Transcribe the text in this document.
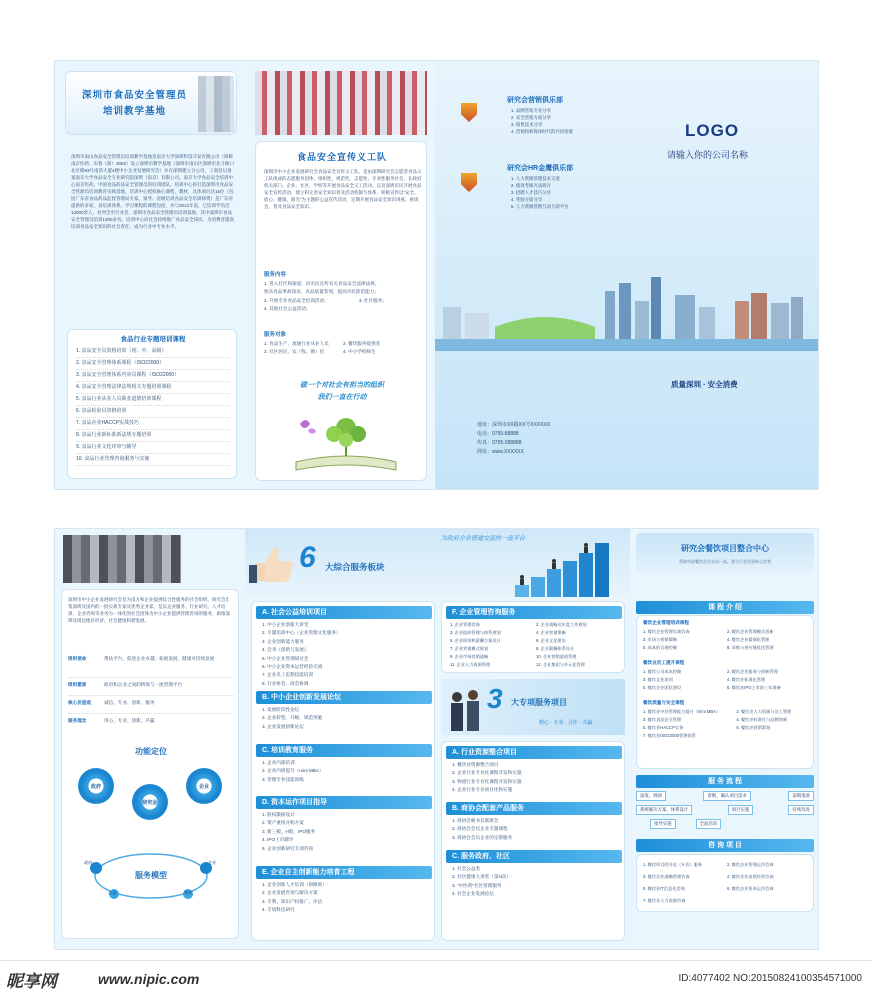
深圳市食品安全管理员
培训教学基地
深圳市南山食品安全管理员培训教学基地是南京大学深圳科技开发有限公司（简称南京医药：布鲁（简）3002）设立深圳市教学基地（深圳市南山区深圳市北斗路口北区路83号南湾大厦4楼中小企业发展研究会）并在深圳建立分公司，工商登记备案南京大学食品安全专业研究院深圳（南京）有限公司。南京大学食品安全培训中心南京医药。中国食品药品安全管理员的培训团队，培训中心将打造深圳市食品安全管理员培训教育实践基地。培训中心授权核心课程，教材，具体项目达16位（包括广东省食品药品监督管理局专家、领导、省级培训食品安全培训师资）是广东省提供的多家，省培训体系。学习课程的课程包括，并与2012年前，已培训学员近12000余人，名列全市行业首，深圳市食品安全管理员培训基地。其中深圳市食品安全管理员培训1300多名。培训中心向社会持续推广食品安全知识。为消费者提高培训食品安全知识的社会责任，成为行业中专业水平。
食品行业专题培训课程
1. 食品安全员资格培训（初、中、高级）
2. 食品安全管理体系课程（ISO22000）
3. 食品安全管理体系内审员课程（ISO22000）
4. 食品安全管理法律法规相关专题培训课程
5. 食品行业从业人员职业道德培训课程
6. 食品检验员资格培训
7. 食品企业HACCP实战技巧
8. 食品行业新标准新法规专题培训
9. 食品行业文化评审与辅导
10. 食品行业管理咨询服务与实施
食品安全宣传义工队
深圳市中小企业发展研究会食品安全宣传义工队，是由深圳研究会志愿者食品义工队组成的志愿服务团体，组织性、规范性、志愿性、专业性服务社会，在政府机关部门、企业、社区、学校等开展食品安全义工活动。以及深圳市民开展食品安全宣传活动，建立和完善安全知识普及活动机制与体系，积极宣传以“安全、放心、健康、阳光”为主题的公益宣传活动，定期开展食品安全知识讲座、座谈会，普及食品安全知识。
服务内容
1. 进入社区和街道，向市民宣传有关食品安全法律法规。
快乐食品事故知识、食品质量鉴别，提高市民防范能力；
2. 开展专业食品安全培训活动；	3. 社区服务；
4. 其他社会公益活动；
服务对象
1. 食品生产、流通行业从业人员	2. 餐饮服务提供者
3. 社区居民、农（牧、渔）民	4. 中小学校师生
做一个对社会有担当的组织
我们一直在行动
研究会营销俱乐部
1. 品牌营销专业分享
2. 安全营销方面分享
3. 销售技术分享
4. 营销和新媒体时代的共同客群
研究会HR金鹰俱乐部
1. 人力资源管理技术交流
2. 绩效考核方法研讨
3. 招聘人才技巧分享
4. 奖励方面分享
5. 人力资源管理互动互助平台
LOGO
请输入你的公司名称
质量深圳 · 安全消费
地址：深圳市XX路XX号XXXXXX
电话：0755-88888
传真：0755-288888
网址：www.XXXXXX
深圳市中小企业发展研究会是为南方和企业提供综合性服务的社会组织，研究会汇集深圳及国内的一批实战专家及优秀企业家，是以企业服务、行业研究、人才培训、企业咨询等业务为一体化的社会团体为中小企业提供管理咨询的服务、助推深圳及周边地区经济、社会健康和谐发展。
组织使命	帮扶平台，促进企业卓越、拓展发展、健康可持续发展
组织愿景	政府和企业之间的桥梁与一流管理平台
核心价值观	诚信、专业、创新、服务
服务理念	用心、专业、创新、共赢
功能定位
政府
研究会
企业
服务模型
政府	企业
公益	智库
6 大综合服务板块
为政府企业搭建交流的一流平台
A. 社会公益培训项目
1. 中小企业创新大讲堂
2. 专题培训中心（企业管理文化服务）
3. 企业创新能力服务
4. 会刊《创新与发展》
5. 中小企业管理研讨会
6. 中小企业资本运营经验交流
7. 企业员工思想技能培训
8. 行业协会、商会协调
B. 中小企业创新发展论坛
1. 发展阶段性论坛
2. 企业转型、升级、规范突破
3. 企业发展创新论坛
C. 培训教育服务
1. 企业内部培训
2. 企业内训提升（mini MBA）
3. 管理专业技能训练
D. 资本运作项目指导
1. 股权激励设计
2. 资产重组并购方案
3. 新三板、H股、IPO服务
4. IPO上市辅导
5. 企业创新研究专项咨询
E. 企业自主创新能力培育工程
1. 企业创新人才培训（研修班）
2. 企业发展咨询与解决方案
3. 专利、知识产权推广、评估
4. 专项科技研究
F. 企业管理咨询服务
1. 企业管理咨询	2. 企业战略及年度工作规划
3. 企业组织管理与体系规划	4. 企业营销策略
5. 企业绩效和薪酬方案设计	6. 企业文化建设
7. 企业营销模式规划	8. 企业薪酬体系设计
9. 企业市场营销战略	10. 企业营销渠道管理
11. 企业人力资源管理	12. 企业集团与多元化管理
3 大专项服务项目
精心 · 专业 · 合作 · 共赢
A. 行业资源整合项目
1. 餐饮业资源整合项目
2. 企业行业专业化课程开发和实施
3. 物流行业专业化课程开发和实施
4. 企业行业专业项目化和实施
B. 商协会配套产品服务
1. 商协会秘书长联席会
2. 商协会会员企业专题课程
3. 商协会会员企业的定制服务
C. 服务政府、社区
1. 社会公益类
2. 社区健康大讲堂（第N次）
3. “中医药”社区管理服务
4. 社会企业发展论坛
研究会餐饮项目整合中心
帮助中国餐饮企业走向一流，建立行业发展核心优势
课 程 介 绍
餐饮企业管理培训课程
1. 餐饮企业管理实战咨询	2. 餐饮企业管理模式创新
3. 市场与营销策略	4. 餐饮企业精细化管理
5. 成本的合理控制	6. 采购与供应链优化管理
餐饮业员工提升课程
1. 餐饮公司成本控制	2. 餐饮企业服务与创新管理
3. 餐饮文化培训	4. 餐饮业标准化管理
5. 餐饮企业团队建设	6. 餐饮业IPO上市前三年准备
餐饮质量与安全课程
1. 餐饮业中层管理能力提升（mini MBA）	2. 餐饮业人力资源与员工管理
3. 餐饮食品安全管理	4. 餐饮业标准化与品牌创新
5. 餐饮业HACCP实务	6. 餐饮业营销策划
7. 餐饮业ISO22000管理体系
服 务 流 程
深度、调研	诊断、确认项目需求	前期准备
系统解决方案、体系设计	项目实施	持续改进
指导实施	全面培训
咨 询 项 目
1. 餐饮项目的开店（开店）服务	2. 餐饮企业管理运作咨询
3. 餐饮企业战略管理咨询	4. 餐饮企业连锁经营咨询
5. 餐饮业IT信息化咨询	6. 餐饮企业资本运作咨询
7. 餐饮业人力资源咨询
昵享网	www.nipic.com	ID:4077402 NO:20150824100354571000
